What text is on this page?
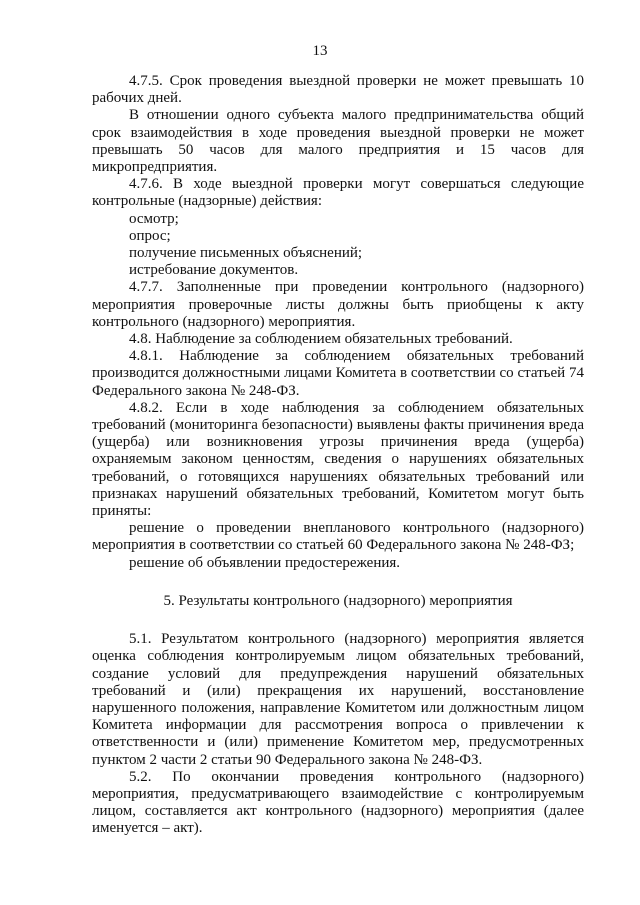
13

4.7.5. Срок проведения выездной проверки не может превышать 10 рабочих дней.

В отношении одного субъекта малого предпринимательства общий срок взаимодействия в ходе проведения выездной проверки не может превышать 50 часов для малого предприятия и 15 часов для микропредприятия.

4.7.6. В ходе выездной проверки могут совершаться следующие контрольные (надзорные) действия:

осмотр;

опрос;

получение письменных объяснений;

истребование документов.

4.7.7. Заполненные при проведении контрольного (надзорного) мероприятия проверочные листы должны быть приобщены к акту контрольного (надзорного) мероприятия.

4.8. Наблюдение за соблюдением обязательных требований.

4.8.1. Наблюдение за соблюдением обязательных требований производится должностными лицами Комитета в соответствии со статьей 74 Федерального закона № 248-ФЗ.

4.8.2. Если в ходе наблюдения за соблюдением обязательных требований (мониторинга безопасности) выявлены факты причинения вреда (ущерба) или возникновения угрозы причинения вреда (ущерба) охраняемым законом ценностям, сведения о нарушениях обязательных требований, о готовящихся нарушениях обязательных требований или признаках нарушений обязательных требований, Комитетом могут быть приняты:

решение о проведении внепланового контрольного (надзорного) мероприятия в соответствии со статьей 60 Федерального закона № 248-ФЗ;

решение об объявлении предостережения.

5. Результаты контрольного (надзорного) мероприятия

5.1. Результатом контрольного (надзорного) мероприятия является оценка соблюдения контролируемым лицом обязательных требований, создание условий для предупреждения нарушений обязательных требований и (или) прекращения их нарушений, восстановление нарушенного положения, направление Комитетом или должностным лицом Комитета информации для рассмотрения вопроса о привлечении к ответственности и (или) применение Комитетом мер, предусмотренных пунктом 2 части 2 статьи 90 Федерального закона № 248-ФЗ.

5.2. По окончании проведения контрольного (надзорного) мероприятия, предусматривающего взаимодействие с контролируемым лицом, составляется акт контрольного (надзорного) мероприятия (далее именуется – акт).
